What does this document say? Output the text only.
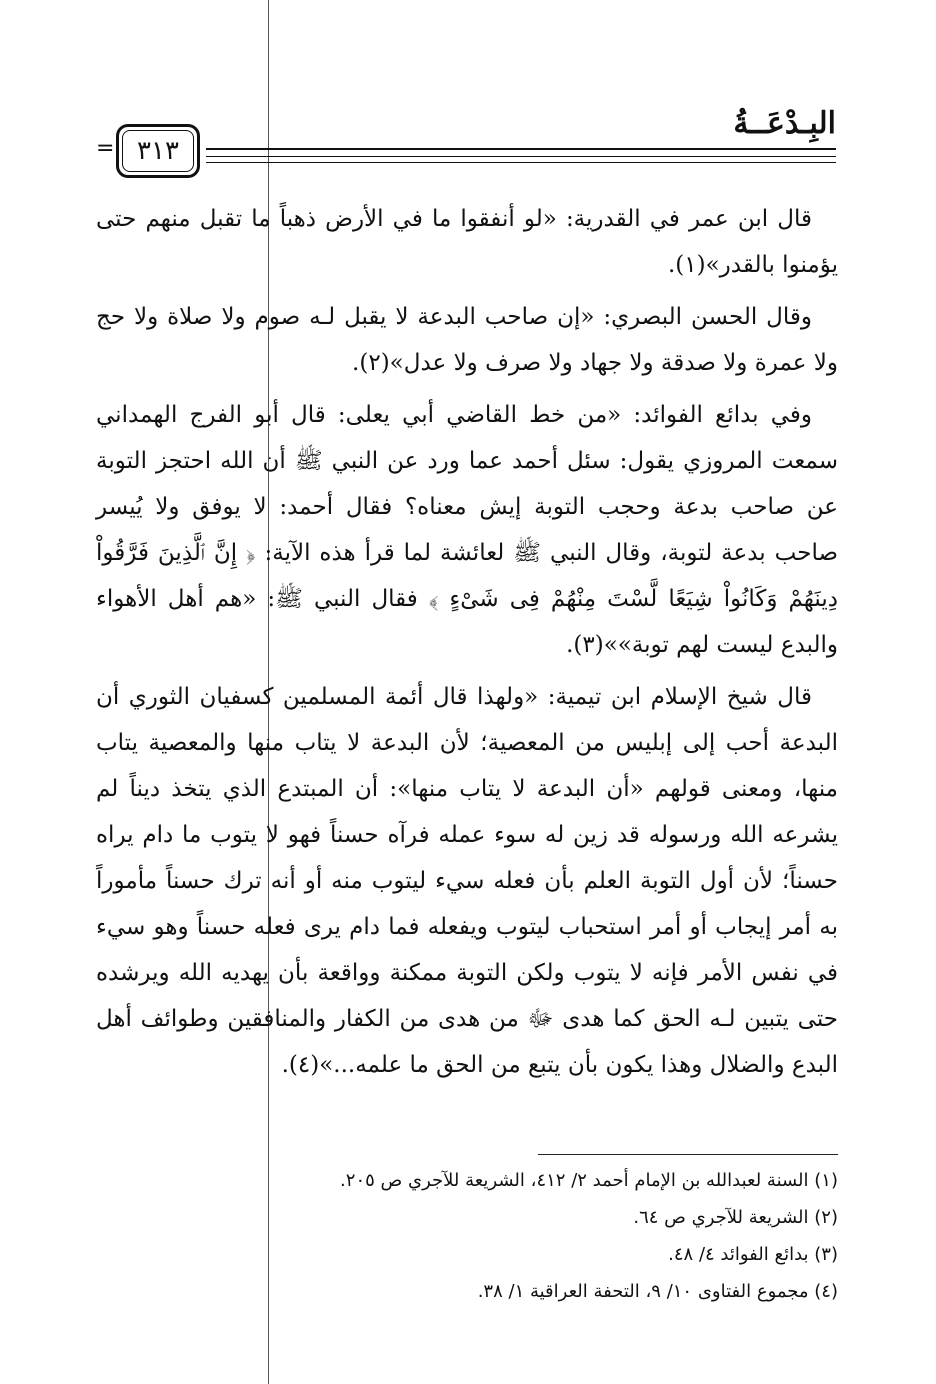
البِـدْعَــةُ
٣١٣
=

قال ابن عمر في القدرية: «لو أنفقوا ما في الأرض ذهباً ما تقبل منهم حتى يؤمنوا بالقدر»(١).

وقال الحسن البصري: «إن صاحب البدعة لا يقبل لـه صوم ولا صلاة ولا حج ولا عمرة ولا صدقة ولا جهاد ولا صرف ولا عدل»(٢).

وفي بدائع الفوائد: «من خط القاضي أبي يعلى: قال أبو الفرج الهمداني سمعت المروزي يقول: سئل أحمد عما ورد عن النبي ﷺ أن الله احتجز التوبة عن صاحب بدعة وحجب التوبة إيش معناه؟ فقال أحمد: لا يوفق ولا يُيسر صاحب بدعة لتوبة، وقال النبي ﷺ لعائشة لما قرأ هذه الآية: ﴿ إِنَّ ٱلَّذِينَ فَرَّقُواْ دِينَهُمْ وَكَانُواْ شِيَعًا لَّسْتَ مِنْهُمْ فِى شَىْءٍ ﴾ فقال النبي ﷺ: «هم أهل الأهواء والبدع ليست لهم توبة»»(٣).

قال شيخ الإسلام ابن تيمية: «ولهذا قال أئمة المسلمين كسفيان الثوري أن البدعة أحب إلى إبليس من المعصية؛ لأن البدعة لا يتاب منها والمعصية يتاب منها، ومعنى قولهم «أن البدعة لا يتاب منها»: أن المبتدع الذي يتخذ ديناً لم يشرعه الله ورسوله قد زين له سوء عمله فرآه حسناً فهو لا يتوب ما دام يراه حسناً؛ لأن أول التوبة العلم بأن فعله سيء ليتوب منه أو أنه ترك حسناً مأموراً به أمر إيجاب أو أمر استحباب ليتوب ويفعله فما دام يرى فعله حسناً وهو سيء في نفس الأمر فإنه لا يتوب ولكن التوبة ممكنة وواقعة بأن يهديه الله ويرشده حتى يتبين لـه الحق كما هدى ﷻ من هدى من الكفار والمنافقين وطوائف أهل البدع والضلال وهذا يكون بأن يتبع من الحق ما علمه...»(٤).

(١) السنة لعبدالله بن الإمام أحمد ٢/ ٤١٢، الشريعة للآجري ص ٢٠٥.
(٢) الشريعة للآجري ص ٦٤.
(٣) بدائع الفوائد ٤/ ٤٨.
(٤) مجموع الفتاوى ١٠/ ٩، التحفة العراقية ١/ ٣٨.
